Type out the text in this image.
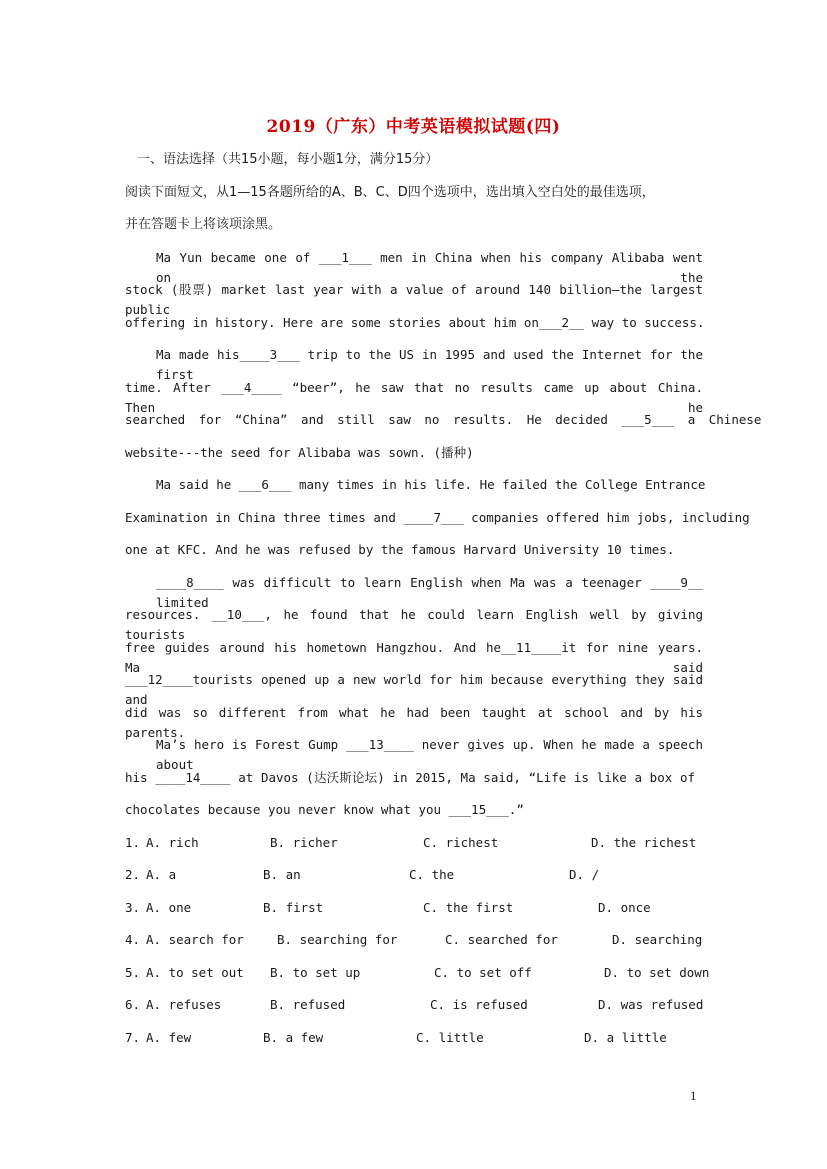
2019（广东）中考英语模拟试题(四)
一、语法选择（共15小题，每小题1分，满分15分）
阅读下面短文，从1—15各题所给的A、B、C、D四个选项中，选出填入空白处的最佳选项，
并在答题卡上将该项涂黑。
Ma Yun became one of ___1___ men in China when his company Alibaba went on the
stock (股票) market last year with a value of around 140 billion—the largest public
offering in history. Here are some stories about him on___2__ way to success.
Ma made his____3___ trip to the US in 1995 and used the Internet for the first
time. After ___4____ “beer”, he saw that no results came up about China. Then he
searched for “China” and still saw no results. He decided ___5___ a Chinese
website---the seed for Alibaba was sown. (播种)
Ma said he ___6___ many times in his life. He failed the College Entrance
Examination in China three times and ____7___ companies offered him jobs, including
one at KFC. And he was refused by the famous Harvard University 10 times.
____8____ was difficult to learn English when Ma was a teenager ____9__ limited
resources. __10___, he found that he could learn English well by giving tourists
free guides around his hometown Hangzhou. And he__11____it for nine years. Ma said
___12____tourists opened up a new world for him because everything they said and
did was so different from what he had been taught at school and by his parents.
Ma’s hero is Forest Gump ___13____ never gives up. When he made a speech about
his ____14____ at Davos (达沃斯论坛) in 2015, Ma said, “Life is like a box of
chocolates because you never know what you ___15___.”
1. A. rich	B. richer	C. richest	D. the richest
2. A. a	B. an	C. the	D. /
3. A. one	B. first	C. the first	D. once
4. A. search for	B. searching for	C. searched for	D. searching
5. A. to set out B. to set up	C. to set off	D. to set down
6. A. refuses	B. refused	C. is refused	D. was refused
7. A. few	B. a few	C. little	D. a little
1
